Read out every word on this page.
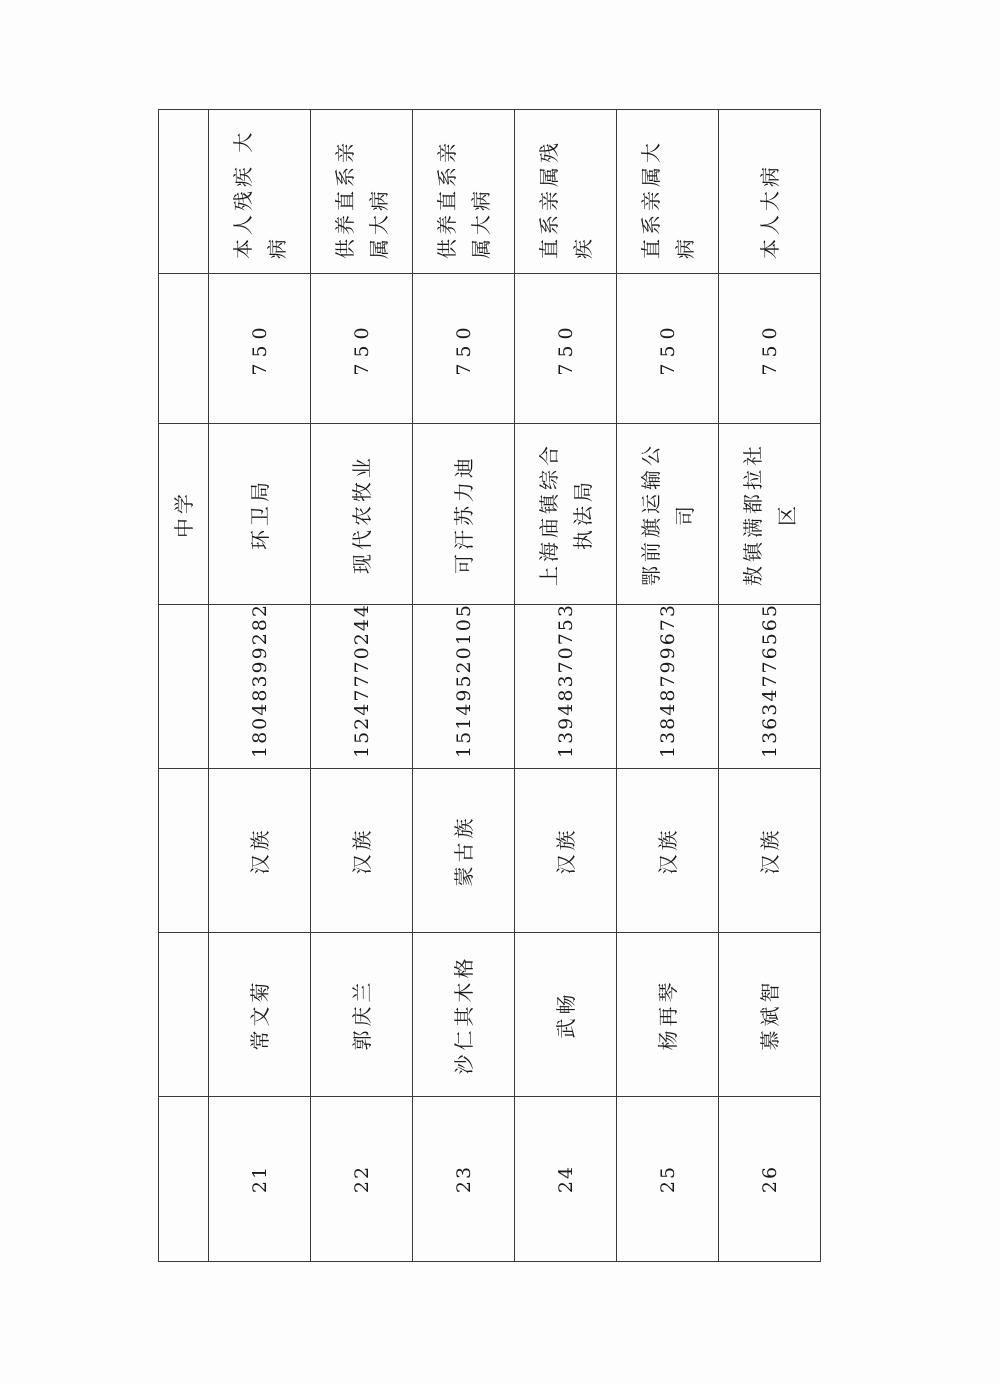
				中学		
21	常文菊	汉族	18048399282	环卫局	750	本人残疾 大病
22	郭庆兰	汉族	15247770244	现代农牧业	750	供养直系亲属大病
23	沙仁其木格	蒙古族	15149520105	可汗苏力迪	750	供养直系亲属大病
24	武畅	汉族	13948370753	上海庙镇综合执法局	750	直系亲属残疾
25	杨再琴	汉族	13848799673	鄂前旗运输公司	750	直系亲属大病
26	慕斌智	汉族	13634776565	敖镇满都拉社区	750	本人大病
